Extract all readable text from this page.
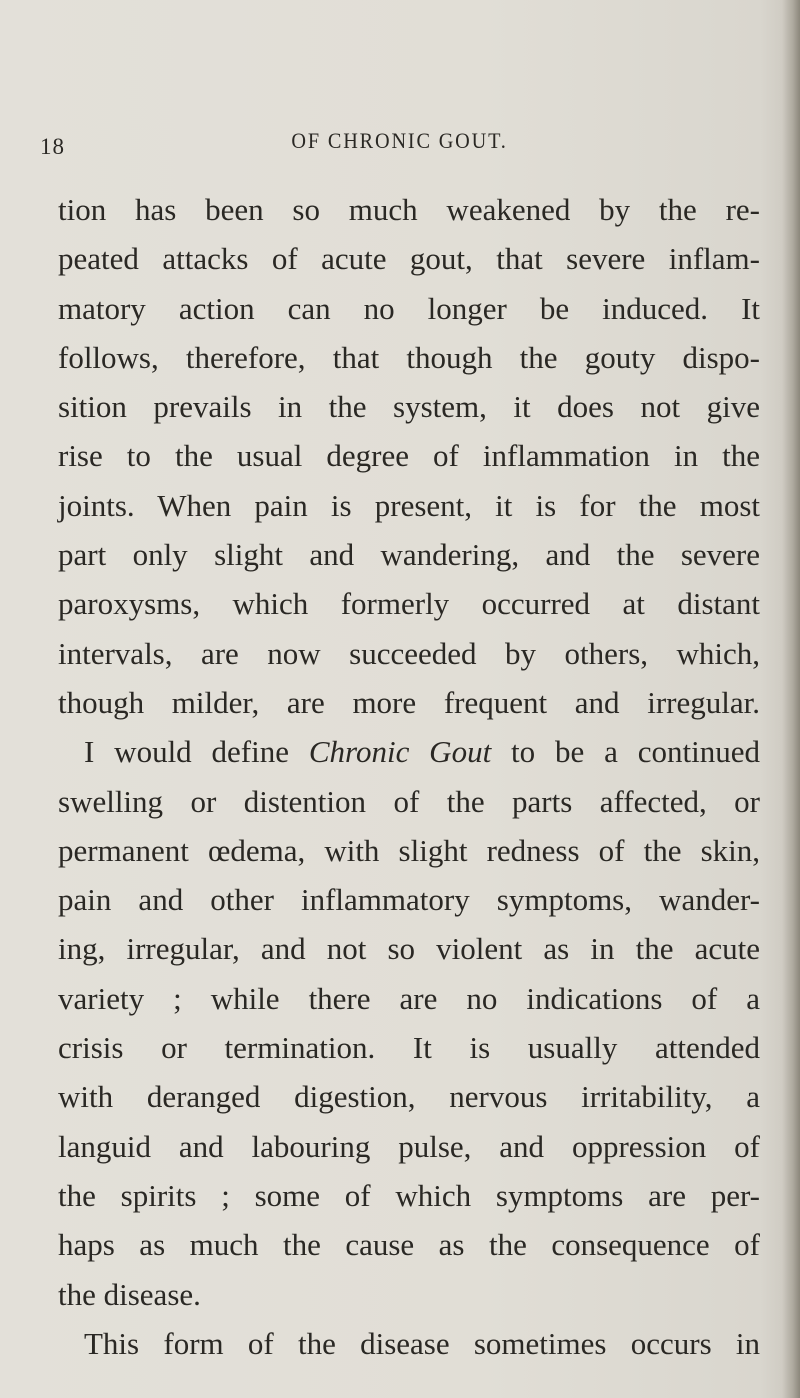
18	OF CHRONIC GOUT.
tion has been so much weakened by the re-
peated attacks of acute gout, that severe inflam-
matory action can no longer be induced. It
follows, therefore, that though the gouty dispo-
sition prevails in the system, it does not give
rise to the usual degree of inflammation in the
joints. When pain is present, it is for the most
part only slight and wandering, and the severe
paroxysms, which formerly occurred at distant
intervals, are now succeeded by others, which,
though milder, are more frequent and irregular.
I would define Chronic Gout to be a continued
swelling or distention of the parts affected, or
permanent œdema, with slight redness of the skin,
pain and other inflammatory symptoms, wander-
ing, irregular, and not so violent as in the acute
variety ; while there are no indications of a
crisis or termination. It is usually attended
with deranged digestion, nervous irritability, a
languid and labouring pulse, and oppression of
the spirits ; some of which symptoms are per-
haps as much the cause as the consequence of
the disease.
This form of the disease sometimes occurs in
